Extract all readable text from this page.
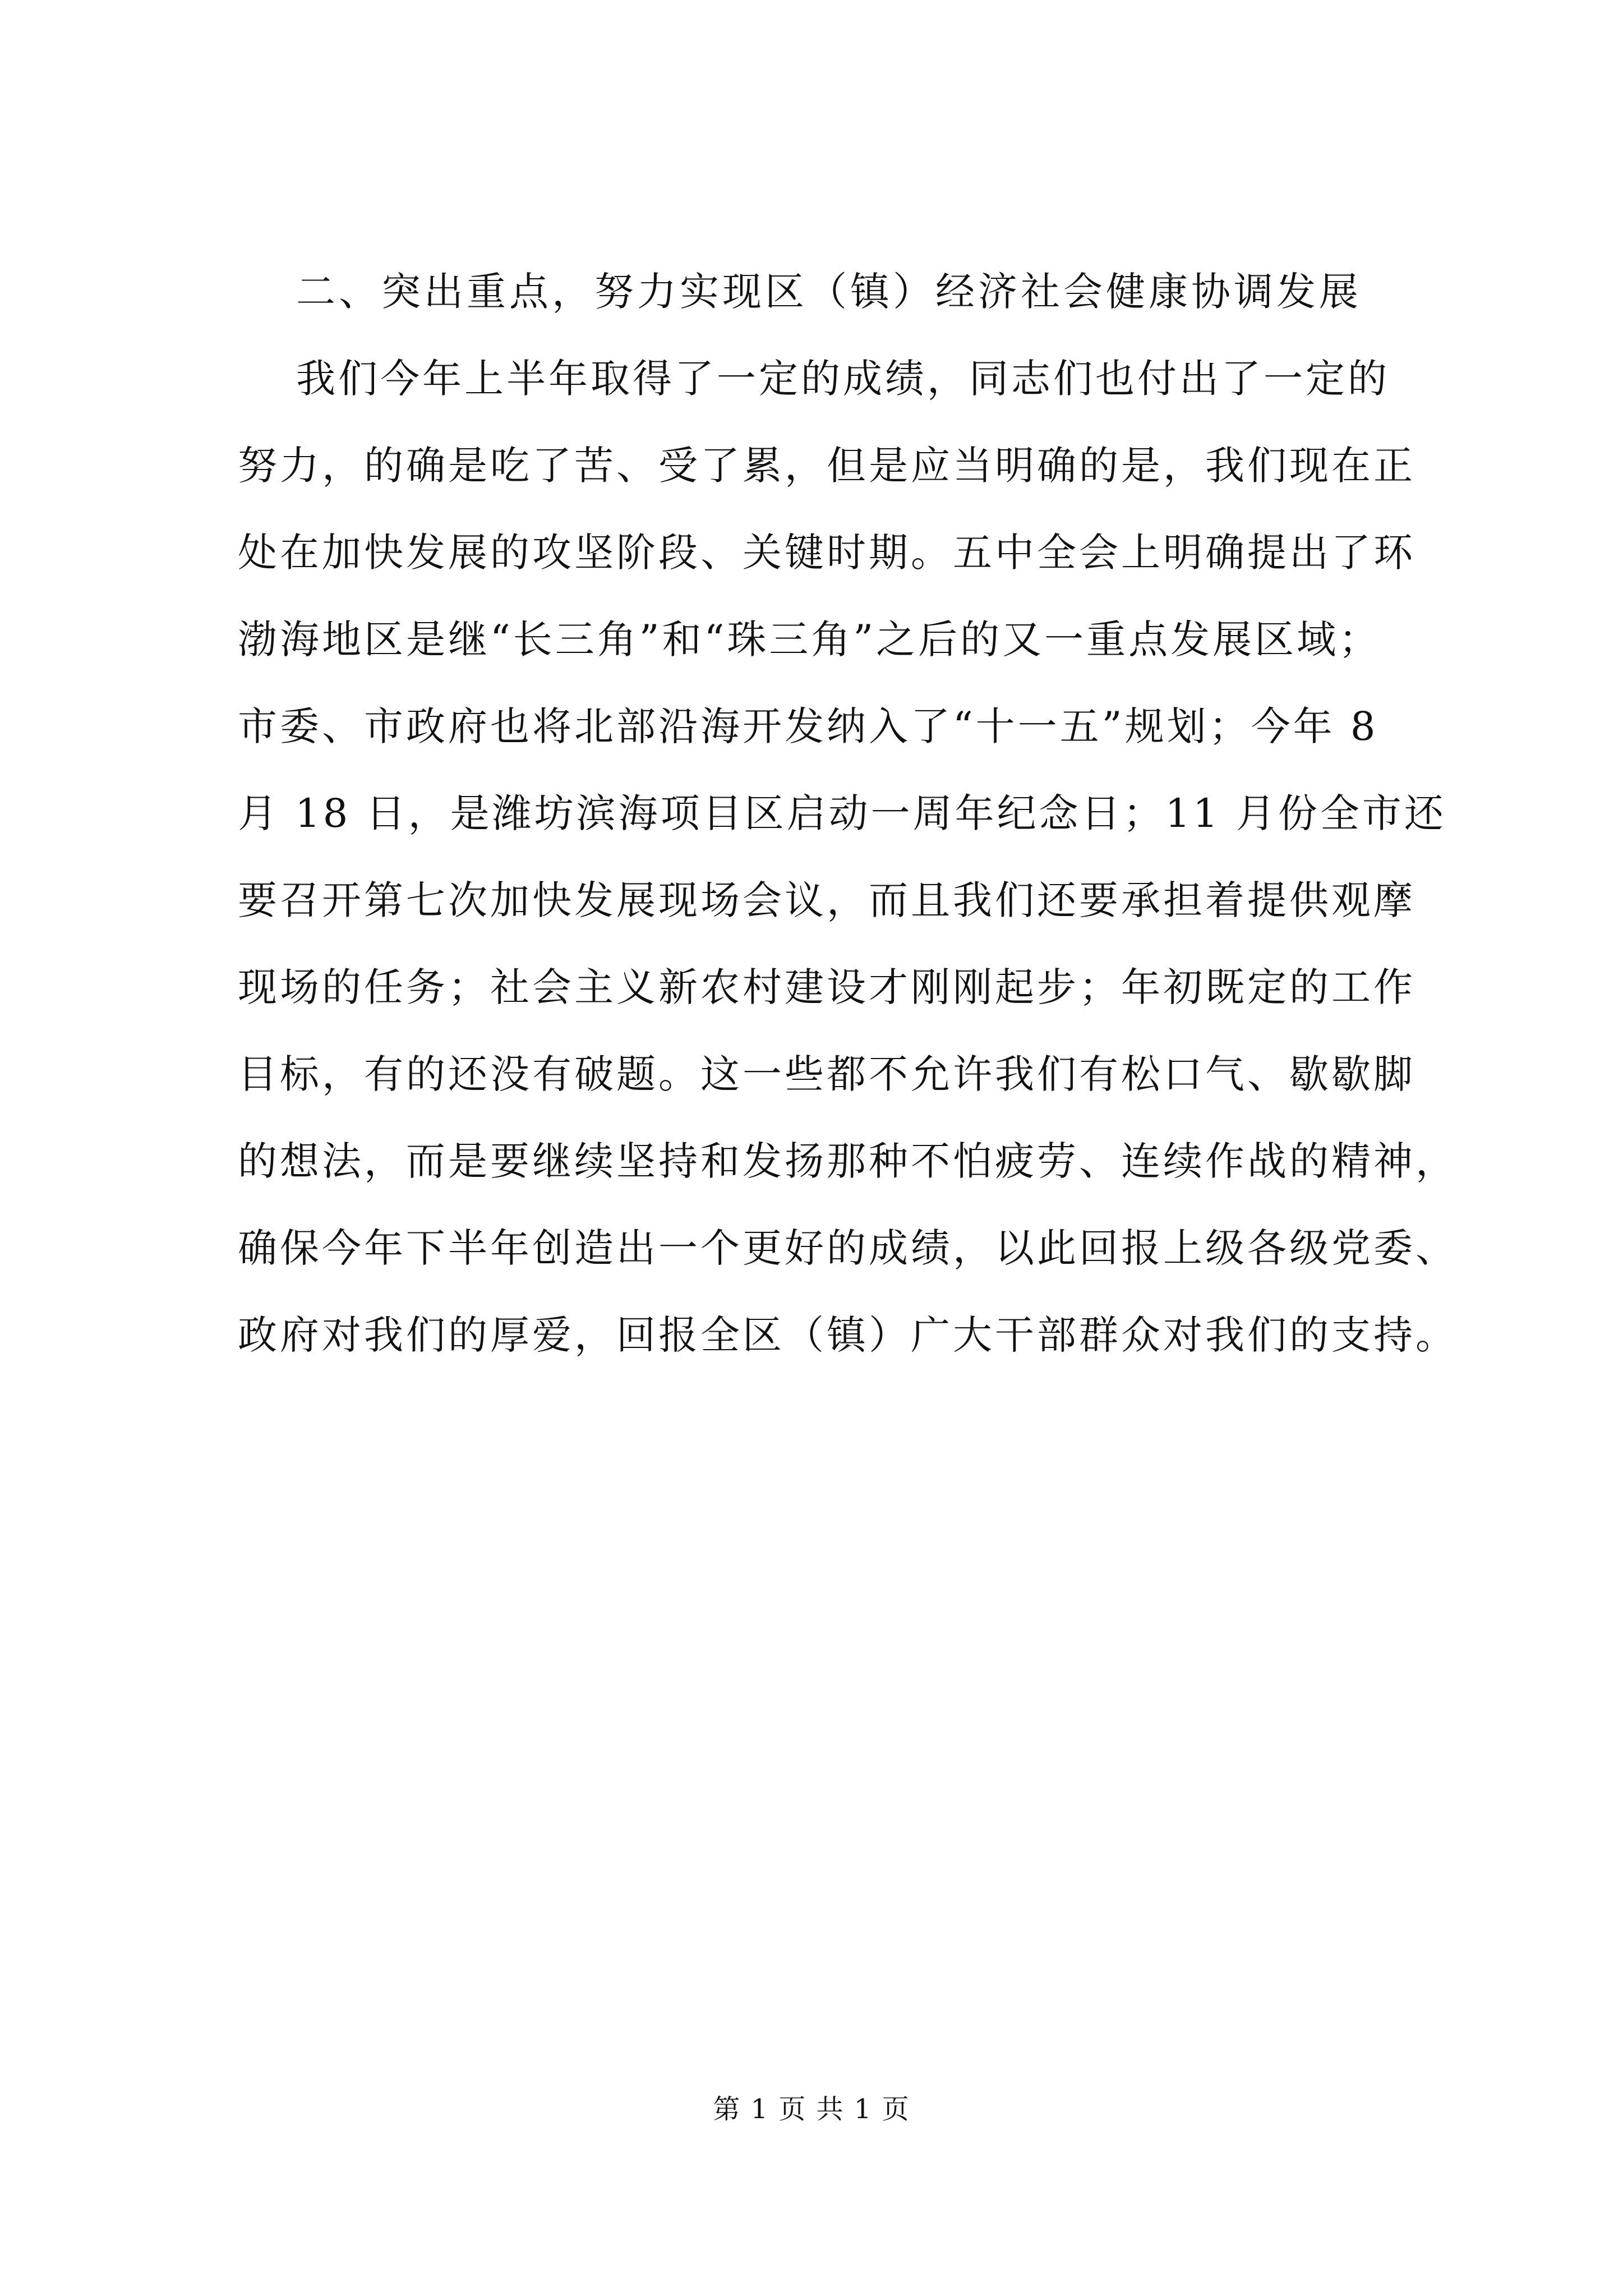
二、突出重点，努力实现区（镇）经济社会健康协调发展
我们今年上半年取得了一定的成绩，同志们也付出了一定的
努力，的确是吃了苦、受了累，但是应当明确的是，我们现在正
处在加快发展的攻坚阶段、关键时期。五中全会上明确提出了环
渤海地区是继“长三角”和“珠三角”之后的又一重点发展区域；
市委、市政府也将北部沿海开发纳入了“十一五”规划；今年 8
月 18 日，是潍坊滨海项目区启动一周年纪念日；11 月份全市还
要召开第七次加快发展现场会议，而且我们还要承担着提供观摩
现场的任务；社会主义新农村建设才刚刚起步；年初既定的工作
目标，有的还没有破题。这一些都不允许我们有松口气、歇歇脚
的想法，而是要继续坚持和发扬那种不怕疲劳、连续作战的精神，
确保今年下半年创造出一个更好的成绩，以此回报上级各级党委、
政府对我们的厚爱，回报全区（镇）广大干部群众对我们的支持。
第 1 页 共 1 页
